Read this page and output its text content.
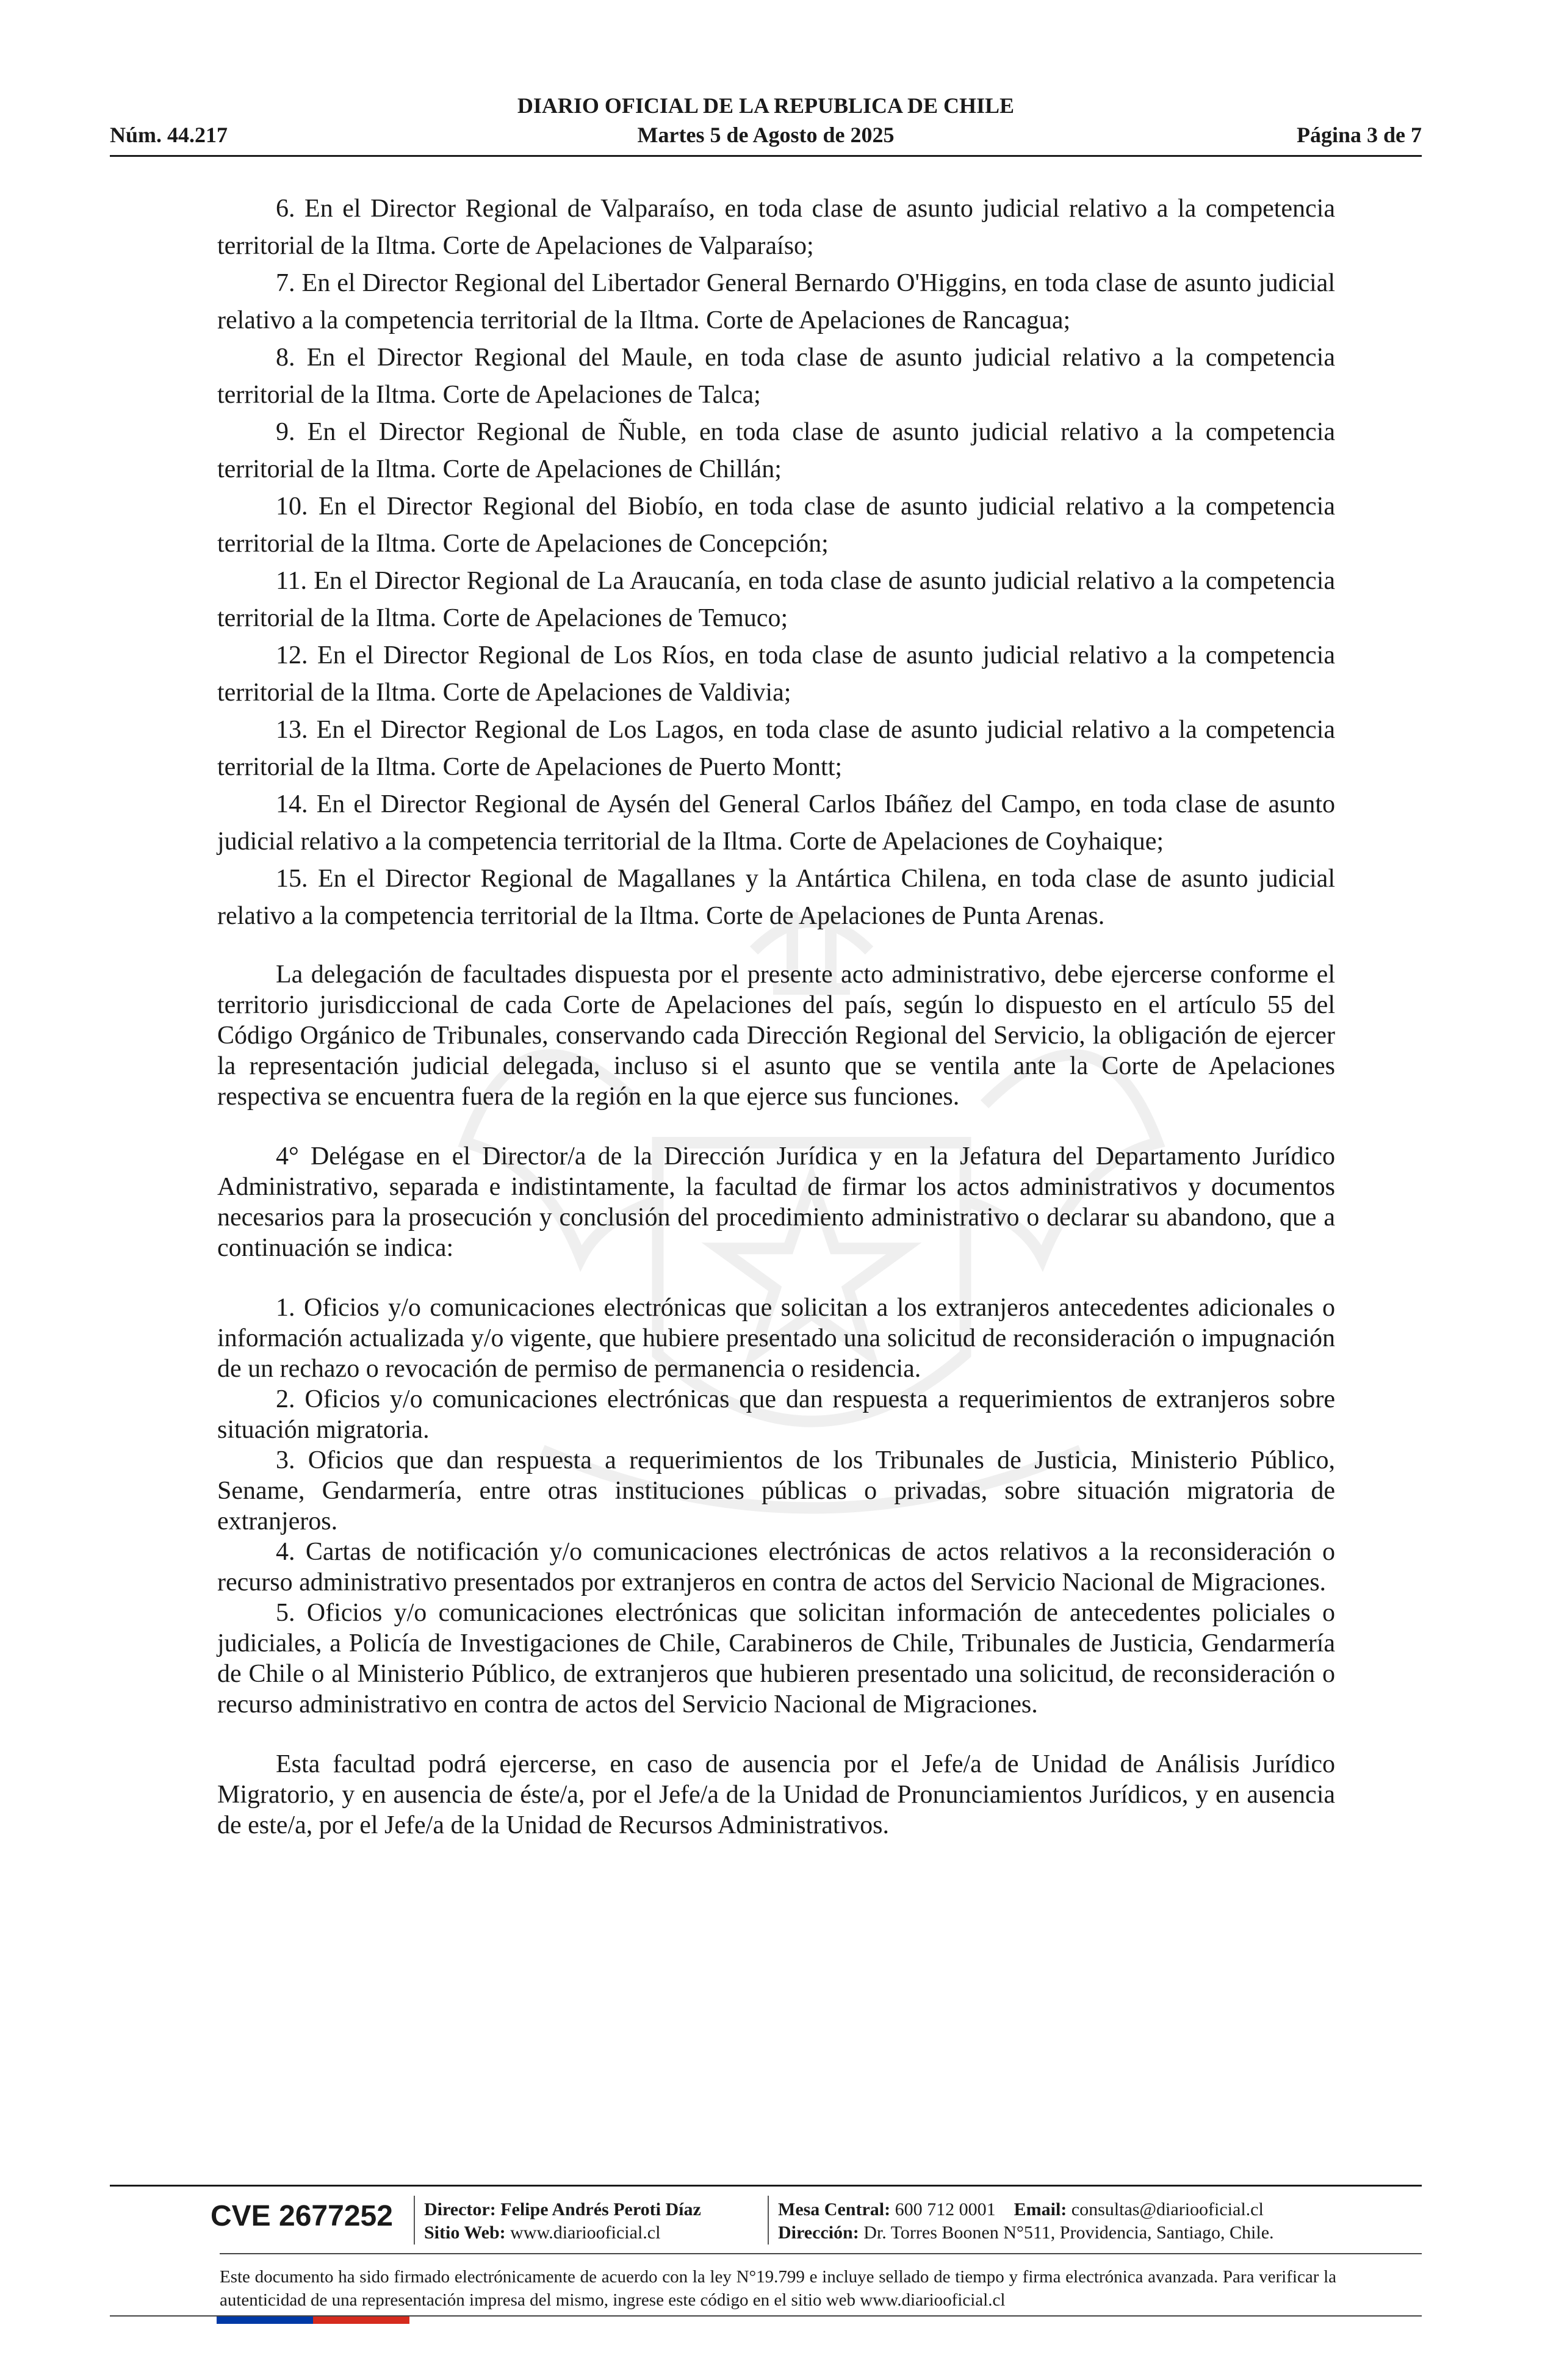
DIARIO OFICIAL DE LA REPUBLICA DE CHILE
Núm. 44.217	Martes 5 de Agosto de 2025	Página 3 de 7

6. En el Director Regional de Valparaíso, en toda clase de asunto judicial relativo a la competencia territorial de la Iltma. Corte de Apelaciones de Valparaíso;

7. En el Director Regional del Libertador General Bernardo O'Higgins, en toda clase de asunto judicial relativo a la competencia territorial de la Iltma. Corte de Apelaciones de Rancagua;

8. En el Director Regional del Maule, en toda clase de asunto judicial relativo a la competencia territorial de la Iltma. Corte de Apelaciones de Talca;

9. En el Director Regional de Ñuble, en toda clase de asunto judicial relativo a la competencia territorial de la Iltma. Corte de Apelaciones de Chillán;

10. En el Director Regional del Biobío, en toda clase de asunto judicial relativo a la competencia territorial de la Iltma. Corte de Apelaciones de Concepción;

11. En el Director Regional de La Araucanía, en toda clase de asunto judicial relativo a la competencia territorial de la Iltma. Corte de Apelaciones de Temuco;

12. En el Director Regional de Los Ríos, en toda clase de asunto judicial relativo a la competencia territorial de la Iltma. Corte de Apelaciones de Valdivia;

13. En el Director Regional de Los Lagos, en toda clase de asunto judicial relativo a la competencia territorial de la Iltma. Corte de Apelaciones de Puerto Montt;

14. En el Director Regional de Aysén del General Carlos Ibáñez del Campo, en toda clase de asunto judicial relativo a la competencia territorial de la Iltma. Corte de Apelaciones de Coyhaique;

15. En el Director Regional de Magallanes y la Antártica Chilena, en toda clase de asunto judicial relativo a la competencia territorial de la Iltma. Corte de Apelaciones de Punta Arenas.

La delegación de facultades dispuesta por el presente acto administrativo, debe ejercerse conforme el territorio jurisdiccional de cada Corte de Apelaciones del país, según lo dispuesto en el artículo 55 del Código Orgánico de Tribunales, conservando cada Dirección Regional del Servicio, la obligación de ejercer la representación judicial delegada, incluso si el asunto que se ventila ante la Corte de Apelaciones respectiva se encuentra fuera de la región en la que ejerce sus funciones.

4° Delégase en el Director/a de la Dirección Jurídica y en la Jefatura del Departamento Jurídico Administrativo, separada e indistintamente, la facultad de firmar los actos administrativos y documentos necesarios para la prosecución y conclusión del procedimiento administrativo o declarar su abandono, que a continuación se indica:

1. Oficios y/o comunicaciones electrónicas que solicitan a los extranjeros antecedentes adicionales o información actualizada y/o vigente, que hubiere presentado una solicitud de reconsideración o impugnación de un rechazo o revocación de permiso de permanencia o residencia.

2. Oficios y/o comunicaciones electrónicas que dan respuesta a requerimientos de extranjeros sobre situación migratoria.

3. Oficios que dan respuesta a requerimientos de los Tribunales de Justicia, Ministerio Público, Sename, Gendarmería, entre otras instituciones públicas o privadas, sobre situación migratoria de extranjeros.

4. Cartas de notificación y/o comunicaciones electrónicas de actos relativos a la reconsideración o recurso administrativo presentados por extranjeros en contra de actos del Servicio Nacional de Migraciones.

5. Oficios y/o comunicaciones electrónicas que solicitan información de antecedentes policiales o judiciales, a Policía de Investigaciones de Chile, Carabineros de Chile, Tribunales de Justicia, Gendarmería de Chile o al Ministerio Público, de extranjeros que hubieren presentado una solicitud, de reconsideración o recurso administrativo en contra de actos del Servicio Nacional de Migraciones.

Esta facultad podrá ejercerse, en caso de ausencia por el Jefe/a de Unidad de Análisis Jurídico Migratorio, y en ausencia de éste/a, por el Jefe/a de la Unidad de Pronunciamientos Jurídicos, y en ausencia de este/a, por el Jefe/a de la Unidad de Recursos Administrativos.

CVE 2677252 Director: Felipe Andrés Peroti Díaz
Sitio Web: www.diariooficial.cl
Mesa Central: 600 712 0001 Email: consultas@diariooficial.cl
Dirección: Dr. Torres Boonen N°511, Providencia, Santiago, Chile.
Este documento ha sido firmado electrónicamente de acuerdo con la ley N°19.799 e incluye sellado de tiempo y firma electrónica avanzada. Para verificar la autenticidad de una representación impresa del mismo, ingrese este código en el sitio web www.diariooficial.cl
